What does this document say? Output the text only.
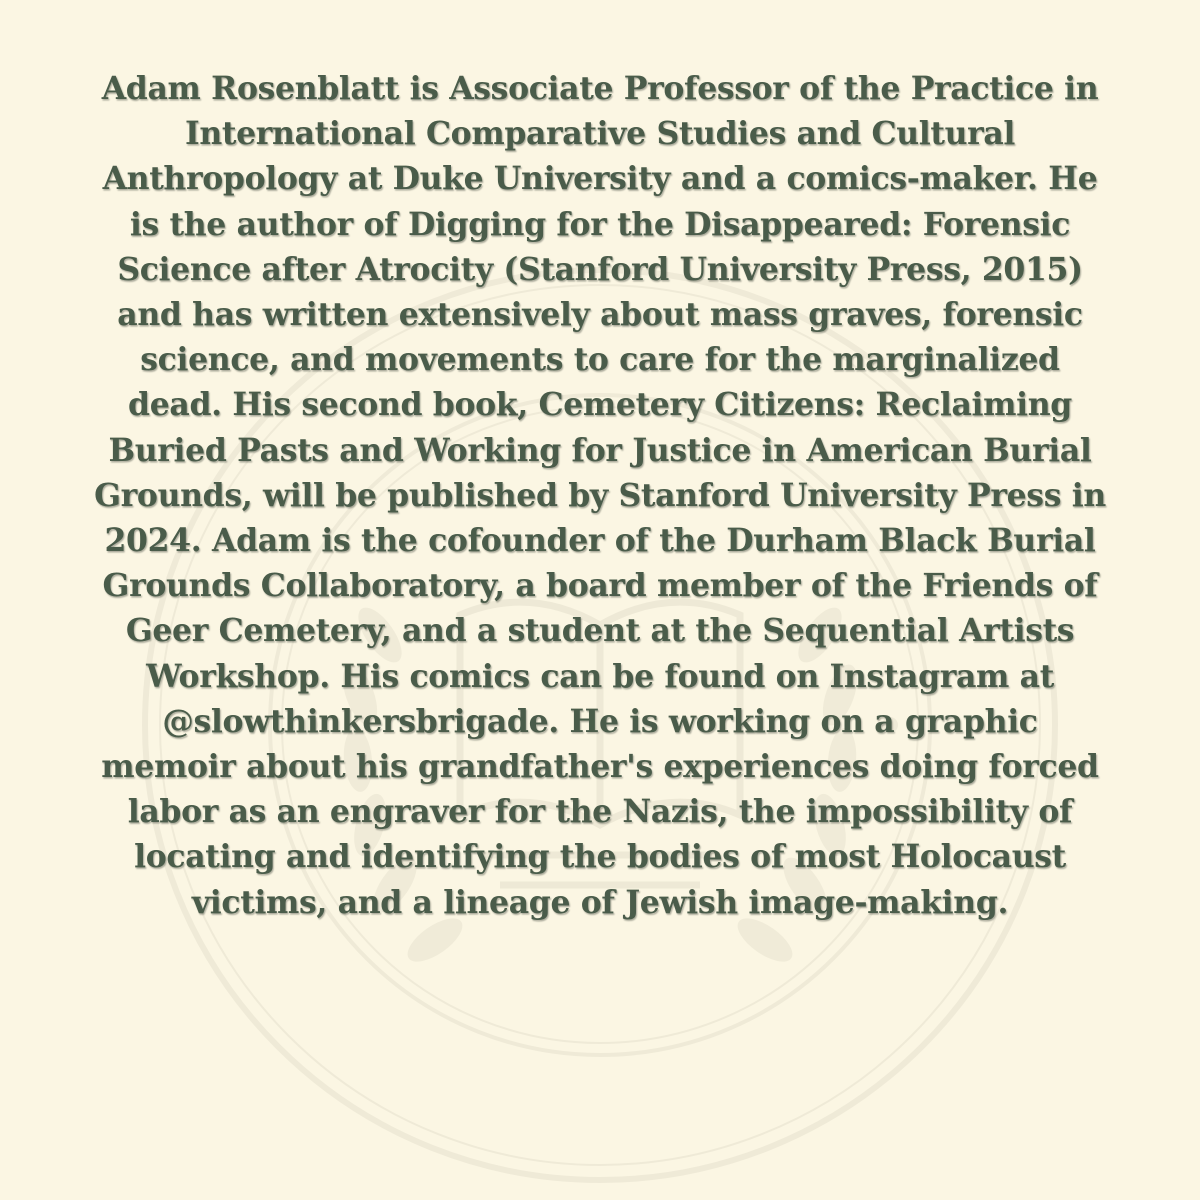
Adam Rosenblatt is Associate Professor of the Practice in
International Comparative Studies and Cultural
Anthropology at Duke University and a comics-maker. He
is the author of Digging for the Disappeared: Forensic
Science after Atrocity (Stanford University Press, 2015)
and has written extensively about mass graves, forensic
science, and movements to care for the marginalized
dead. His second book, Cemetery Citizens: Reclaiming
Buried Pasts and Working for Justice in American Burial
Grounds, will be published by Stanford University Press in
2024. Adam is the cofounder of the Durham Black Burial
Grounds Collaboratory, a board member of the Friends of
Geer Cemetery, and a student at the Sequential Artists
Workshop. His comics can be found on Instagram at
@slowthinkersbrigade. He is working on a graphic
memoir about his grandfather's experiences doing forced
labor as an engraver for the Nazis, the impossibility of
locating and identifying the bodies of most Holocaust
victims, and a lineage of Jewish image-making.
